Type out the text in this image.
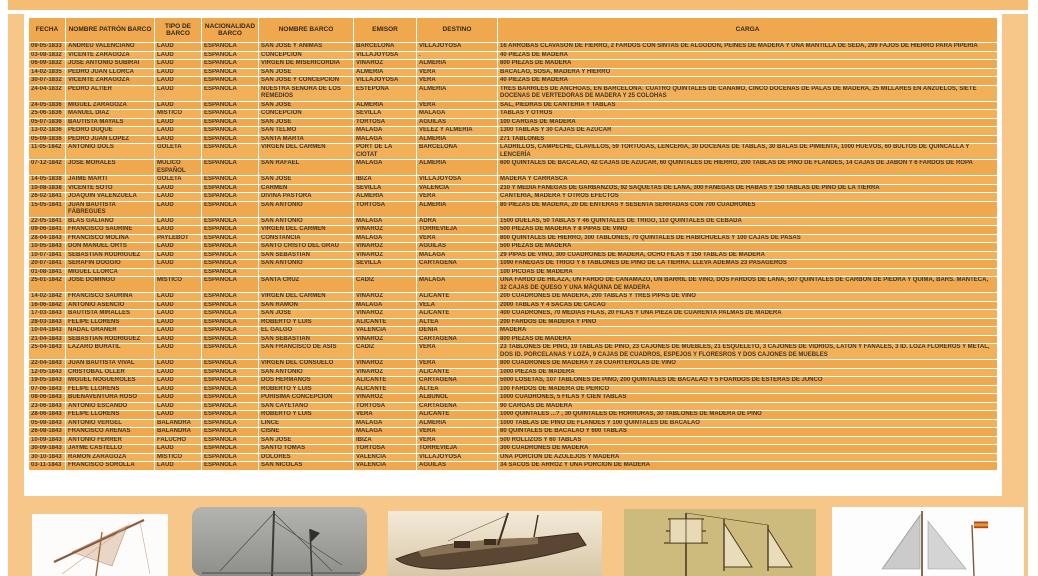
FECHA	NOMBRE PATRÓN BARCO	TIPO DE BARCO	NACIONALIDAD BARCO	NOMBRE BARCO	EMISOR	DESTINO	CARGA
09-05-1833	ANDREU VALENCIANO	LAUD	ESPAÑOLA	SAN JOSÉ Y ÁNIMAS	BARCELONA	VILLAJOYOSA	16 ARROBAS CLAVASÓN DE FIERRO, 2 FARDOS CON SINTAS DE ALGODÓN, PEINES DE MADERA Y UNA MANTILLA DE SEDA, 299 FAJOS DE HIERRO PARA PIPERIA
03-08-1832	VICENTE ZARAGOZA	LAUD	ESPAÑOLA	CONCEPCIÓN	VILLAJOYOSA	.	40 PIEZAS DE MADERA
06-09-1832	JOSÉ ANTONIO SUBIRAI	LAUD	ESPAÑOLA	VIRGEN DE MISERICORDIA	VINAROZ	ALMERÍA	800 PIEZAS DE MADERA
14-02-1835	PEDRO JUAN LLORCA	LAUD	ESPAÑOLA	SAN JOSÉ	ALMERÍA	VERA	BACALAO, SOSA, MADERA Y HIERRO
30-07-1832	VICENTE ZARAGOZA	LAUD	ESPAÑOLA	SAN JOSÉ Y CONCEPCIÓN	VILLAJOYOSA	VERA	40 PIEZAS DE MADERA
24-04-1832	PEDRO ALTIER	LAUD	ESPAÑOLA	NUESTRA SEÑORA DE LOS REMEDIOS	ESTEPONA	ALMERÍA	TRES BARRILES DE ANCHOAS, EN BARCELONA: CUATRO QUINTALES DE CÁÑAMO, CINCO DOCENAS DE PALAS DE MADERA, 25 MILLARES EN ANZUELOS, SIETE DOCENAS DE VERTEDORAS DE MADERA Y 25 COLOHAS
24-05-1836	MIGUEL ZARAGOZA	LAUD	ESPAÑOLA	SAN JOSÉ	ALMERÍA	VERA	SAL, PIEDRAS DE CANTERÍA Y TABLAS
25-06-1836	MANUEL DÍAZ	MÍSTICO	ESPAÑOLA	CONCEPCIÓN	SEVILLA	MÁLAGA	TABLAS Y OTROS
05-07-1836	BAUTISTA MAYALS	LAUD	ESPAÑOLA	SAN JOSÉ	TORTOSA	ÁGUILAS	100 CARGAS DE MADERA
13-02-1836	PEDRO DUQUE	LAUD	ESPAÑOLA	SAN TELMO	MÁLAGA	VÉLEZ Y ALMERÍA	1300 TABLAS Y 30 CAJAS DE AZÚCAR
05-09-1836	PEDRO JUAN LÓPEZ	LAUD	ESPAÑOLA	SANTA MARTA	MÁLAGA	ALMERÍA	271 TABLONES
11-05-1842	ANTONIO DOLS	GOLETA	ESPAÑOLA	VIRGEN DEL CARMEN	PORT DE LA CIOTAT	BARCELONA	LADRILLOS, CAMPECHE, CLAVILLOS, 59 TORTUGAS, LENCERÍA, 30 DOCENAS DE TABLAS, 30 BALAS DE PIMIENTA, 1000 HUEVOS, 60 BULTOS DE QUINCALLA Y LENCERÍA
07-12-1842	JOSÉ MORALES	MULICO ESPAÑOL	ESPAÑOLA	SAN RAFAEL	MÁLAGA	ALMERÍA	600 QUINTALES DE BACALAO, 42 CAJAS DE AZÚCAR, 60 QUINTALES DE HIERRO, 200 TABLAS DE PINO DE FLANDES, 14 CAJAS DE JABÓN Y 6 FARDOS DE ROPA
14-05-1838	JAIME MARTÍ	GOLETA	ESPAÑOLA	SAN JOSÉ	IBIZA	VILLAJOYOSA	MADERA Y CARRASCA
10-08-1838	VICENTE SOTO	LAUD	ESPAÑOLA	CARMEN	SEVILLA	VALENCIA	210 Y MEDIA FANEGAS DE GARBANZOS, 92 SAQUETAS DE LANA, 300 FANEGAS DE HABAS Y 150 TABLAS DE PINO DE LA TIERRA
26-02-1841	JOAQUÍN VALENZUELA	LAUD	ESPAÑOLA	DIVINA PASTORA	ALMERÍA	VERA	CANTERÍA, MADERA Y OTROS EFECTOS
15-05-1841	JUAN BAUTISTA FÁBREGUES	LAUD	ESPAÑOLA	SAN ANTONIO	TORTOSA	ALMERÍA	80 PIEZAS DE MADERA, 20 DE ENTERAS Y SESENTA SERRADAS CON 700 CUADRONES
22-05-1841	BLAS GALIANO	LAUD	ESPAÑOLA	SAN ANTONIO	MÁLAGA	ADRA	1500 DUELAS, 50 TABLAS Y 46 QUINTALES DE TRIGO, 110 QUINTALES DE CEBADA
09-06-1841	FRANCISCO SAURINE	LAUD	ESPAÑOLA	VIRGEN DEL CARMEN	VINAROZ	TORREVIEJA	500 PIEZAS DE MADERA Y 8 PIPAS DE VINO
28-04-1843	FRANCISCO MOLINA	PAYLEBOT	ESPAÑOLA	CONSTANCIA	MÁLAGA	VERA	800 QUINTALES DE HIERRO, 300 TABLONES, 70 QUINTALES DE HABICHUELAS Y 100 CAJAS DE PASAS
10-05-1843	DON MANUEL ORTS	LAUD	ESPAÑOLA	SANTO CRISTO DEL GRAU	VINAROZ	ÁGUILAS	500 PIEZAS DE MADERA
10-07-1841	SEBASTIÁN RODRÍGUEZ	LAUD	ESPAÑOLA	SAN SEBASTIÁN	VINAROZ	MÁLAGA	29 PIPAS DE VINO, 300 CUADRONES DE MADERA, OCHO FILAS Y 150 TABLAS DE MADERA
20-07-1841	SERAFÍN DOGGIO	LAUD	ESPAÑOLA	SAN ANTONIO	SEVILLA	CARTAGENA	1090 FANEGAS DE TRIGO Y 6 TABLONES DE PINO DE LA TIERRA. LLEVA ADEMÁS 23 PASAGEROS
01-08-1841	MIGUEL LLORCA		ESPAÑOLA				100 PICOAS DE MADERA
25-01-1842	JOSÉ DOMINGO	MÍSTICO	ESPAÑOLA	SANTA CRUZ	CÁDIZ	MÁLAGA	UNA FARDO DE HILAZA, UN FARDO DE CAÑAMAZO, UN BARRIL DE VINO, DOS FARDOS DE LANA, 507 QUINTALES DE CARBÓN DE PIEDRA Y QUIMA, BARS. MANTECA, 32 CAJAS DE QUESO Y UNA MÁQUINA DE MADERA
14-02-1842	FRANCISCO SAURINA	LAUD	ESPAÑOLA	VIRGEN DEL CARMEN	VINAROZ	ALICANTE	200 CUADRONES DE MADERA, 200 TABLAS Y TRES PIPAS DE VINO
16-06-1842	ANTONIO ASENCIO	LAUD	ESPAÑOLA	SAN RAMÓN	MÁLAGA	VELA	2000 TABLAS Y 4 SACAS DE CACAO
17-03-1843	BAUTISTA MIRALLES	LAUD	ESPAÑOLA	SAN JOSÉ	VINAROZ	ALICANTE	400 CUADRONES, 70 MEDIAS FILAS, 20 FILAS Y UNA PIEZA DE CUARENTA PALMAS DE MADERA
28-03-1843	FELIPE LLORENS	LAUD	ESPAÑOLA	ROBERTO Y LUIS	ALICANTE	ALTEA	200 FARDOS DE MADERA Y PINO
10-04-1843	NADAL GRANER	LAUD	ESPAÑOLA	EL GALGO	VALENCIA	DENIA	MADERA
21-04-1843	SEBASTIÁN RODRÍGUEZ	LAUD	ESPAÑOLA	SAN SEBASTIÁN	VINAROZ	CARTAGENA	800 PIEZAS DE MADERA
25-04-1843	LÁZARO BURATIL	LAUD	ESPAÑOLA	SAN FRANCISCO DE ASÍS	CÁDIZ	VERA	23 TABLONES DE PINO, 19 TABLAS DE PINO, 23 CAJONES DE MUEBLES, 21 ESQUELETO, 3 CAJONES DE VIDRIOS, LATÓN Y FANALES, 3 ID. LOZA FLOREROS Y METAL, DOS ID. PORCELANAS Y LOZA, 9 CAJAS DE CUADROS, ESPEJOS Y FLORESROS Y DOS CAJONES DE MUEBLES
22-04-1843	JUAN BAUTISTA VIVAL	LAUD	ESPAÑOLA	VIRGEN DEL CONSUELO	VINAROZ	VERA	800 CUADRONES DE MADERA Y 24 CUARTEROLAS DE VINO
12-05-1843	CRISTÓBAL OLLER	LAUD	ESPAÑOLA	SAN ANTONIO	VINAROZ	ALICANTE	1000 PIEZAS DE MADERA
19-05-1843	MIGUEL NOGUEROLES	LAUD	ESPAÑOLA	DOS HERMANOS	ALICANTE	CARTAGENA	5000 LOSETAS, 107 TABLONES DE PINO, 200 QUINTALES DE BACALAO Y 5 FOARDOS DE ESTERAS DE JUNCO
07-06-1843	FELIPE LLORENS	LAUD	ESPAÑOLA	ROBERTO Y LUIS	ALICANTE	ALTEA	100 FARDOS DE MADERA DE PERICO
08-06-1843	BUENAVENTURA ROSO	LAUD	ESPAÑOLA	PURÍSIMA CONCEPCIÓN	VINAROZ	ALBUÑOL	1000 CUADRONES, 5 FILAS Y CIEN TABLAS
23-06-1843	ANTONIO ESCANDÓ	LAUD	ESPAÑOLA	SAN CAYETANO	TORTOSA	CARTAGENA	90 CARGAS DE MADERA
28-06-1843	FELIPE LLORENS	LAUD	ESPAÑOLA	ROBERTO Y LUIS	VERA	ALICANTE	1000 QUINTALES ...? , 30 QUINTALES DE HORRURAS, 30 TABLONES DE MADERA DE PINO
05-08-1843	ANTONIO VERGEL	BALANDRA	ESPAÑOLA	LINCE	MÁLAGA	ALMERÍA	1000 TABLAS DE PINO DE FLANDES Y 100 QUINTALES DE BACALAO
26-08-1843	FRANCISCO ARENAS	BALANDRA	ESPAÑOLA	CISNE	MÁLAGA	VERA	80 QUINTALES DE BACALAO Y 600 TABLAS
10-09-1843	ANTONIO FERRER	FALUCHO	ESPAÑOLA	SAN JOSÉ	IBIZA	VERA	500 ROLLIZOS Y 60 TABLAS
30-09-1843	JAYME CASTELLÓ	LAUD	ESPAÑOLA	SANTO TOMÁS	TORTOSA	TORREVIEJA	300 CUADRONES DE MADERA
30-10-1843	RAMÓN ZARAGOZA	MÍSTICO	ESPAÑOLA	DOLORES	VALENCIA	VILLAJOYOSA	UNA PORCIÓN DE AZULEJOS Y MADERA
03-11-1843	FRANCISCO SOROLLA	LAUD	ESPAÑOLA	SAN NICOLÁS	VALENCIA	ÁGUILAS	34 SACOS DE ARROZ Y UNA PORCIÓN DE MADERA
